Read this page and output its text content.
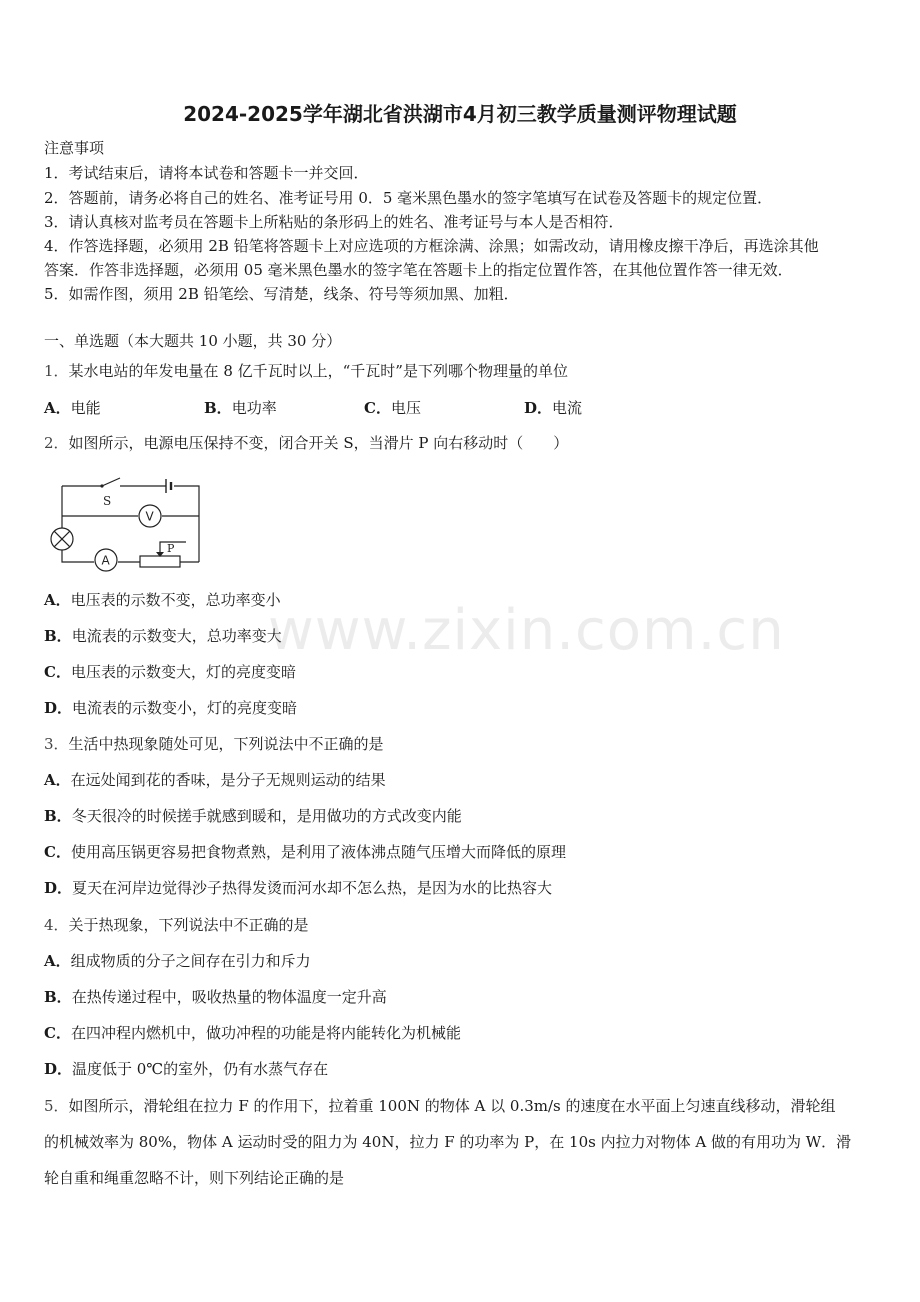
2024-2025学年湖北省洪湖市4月初三教学质量测评物理试题
注意事项
1．考试结束后，请将本试卷和答题卡一并交回．
2．答题前，请务必将自己的姓名、准考证号用 0．5 毫米黑色墨水的签字笔填写在试卷及答题卡的规定位置．
3．请认真核对监考员在答题卡上所粘贴的条形码上的姓名、准考证号与本人是否相符．
4．作答选择题，必须用 2B 铅笔将答题卡上对应选项的方框涂满、涂黑；如需改动，请用橡皮擦干净后，再选涂其他
答案．作答非选择题，必须用 05 毫米黑色墨水的签字笔在答题卡上的指定位置作答，在其他位置作答一律无效．
5．如需作图，须用 2B 铅笔绘、写清楚，线条、符号等须加黑、加粗．
一、单选题（本大题共 10 小题，共 30 分）
1．某水电站的年发电量在 8 亿千瓦时以上，“千瓦时”是下列哪个物理量的单位
A．电能	B．电功率	C．电压	D．电流
2．如图所示，电源电压保持不变，闭合开关 S，当滑片 P 向右移动时（　　）
S
P
V
A
A．电压表的示数不变，总功率变小
B．电流表的示数变大，总功率变大
C．电压表的示数变大，灯的亮度变暗
D．电流表的示数变小，灯的亮度变暗
www.zixin.com.cn
3．生活中热现象随处可见，下列说法中不正确的是
A．在远处闻到花的香味，是分子无规则运动的结果
B．冬天很冷的时候搓手就感到暖和，是用做功的方式改变内能
C．使用高压锅更容易把食物煮熟，是利用了液体沸点随气压增大而降低的原理
D．夏天在河岸边觉得沙子热得发烫而河水却不怎么热，是因为水的比热容大
4．关于热现象，下列说法中不正确的是
A．组成物质的分子之间存在引力和斥力
B．在热传递过程中，吸收热量的物体温度一定升高
C．在四冲程内燃机中，做功冲程的功能是将内能转化为机械能
D．温度低于 0℃的室外，仍有水蒸气存在
5．如图所示，滑轮组在拉力 F 的作用下，拉着重 100N 的物体 A 以 0.3m/s 的速度在水平面上匀速直线移动，滑轮组
的机械效率为 80%，物体 A 运动时受的阻力为 40N，拉力 F 的功率为 P，在 10s 内拉力对物体 A 做的有用功为 W．滑
轮自重和绳重忽略不计，则下列结论正确的是
